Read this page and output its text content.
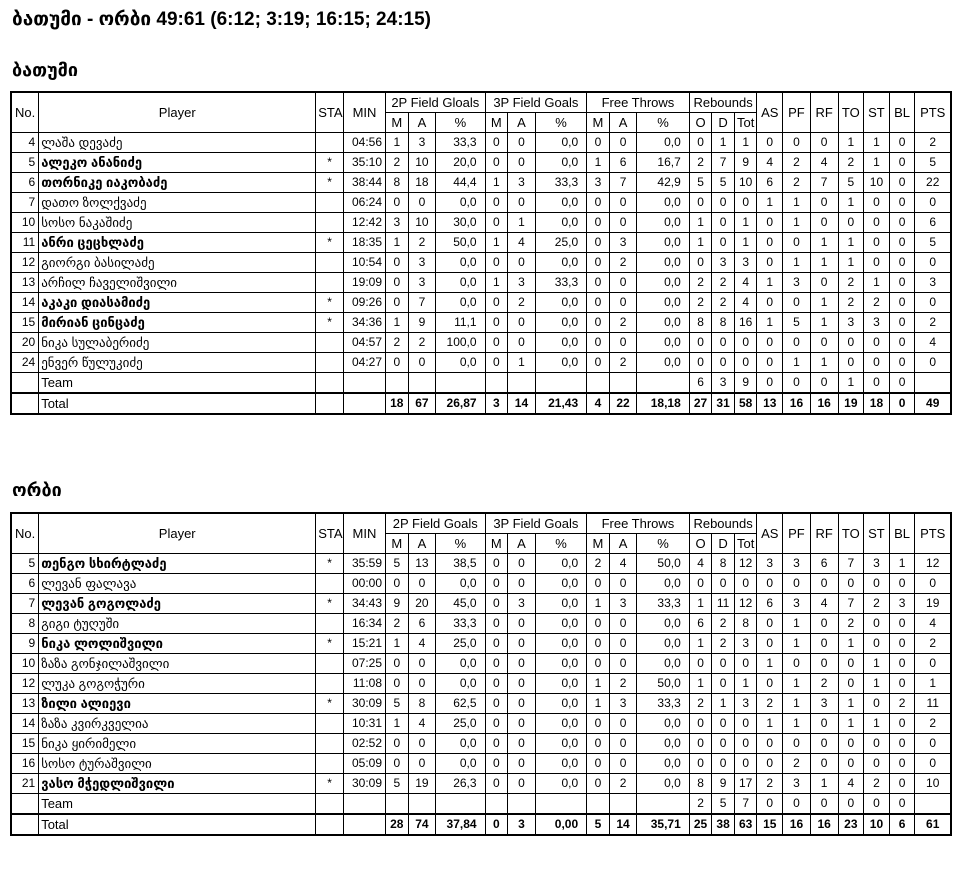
ბათუმი - ორბი 49:61 (6:12; 3:19; 16:15; 24:15)
ბათუმი
No.	Player	STA	MIN	2P Field Gloals			3P Field Goals			Free Throws			Rebounds			AS	PF	RF	TO	ST	BL	PTS
				M	A	%	M	A	%	M	A	%	O	D	Tot							
4	ლაშა დევაძე		04:56	1	3	33,3	0	0	0,0	0	0	0,0	0	1	1	0	0	0	1	1	0	2
5	ალეკო ანანიძე	*	35:10	2	10	20,0	0	0	0,0	1	6	16,7	2	7	9	4	2	4	2	1	0	5
6	თორნიკე იაკობაძე	*	38:44	8	18	44,4	1	3	33,3	3	7	42,9	5	5	10	6	2	7	5	10	0	22
7	დათო ზოლქვაძე		06:24	0	0	0,0	0	0	0,0	0	0	0,0	0	0	0	1	1	0	1	0	0	0
10	სოსო ნაკაშიძე		12:42	3	10	30,0	0	1	0,0	0	0	0,0	1	0	1	0	1	0	0	0	0	6
11	ანრი ცეცხლაძე	*	18:35	1	2	50,0	1	4	25,0	0	3	0,0	1	0	1	0	0	1	1	0	0	5
12	გიორგი ბასილაძე		10:54	0	3	0,0	0	0	0,0	0	2	0,0	0	3	3	0	1	1	1	0	0	0
13	არჩილ ჩაველიშვილი		19:09	0	3	0,0	1	3	33,3	0	0	0,0	2	2	4	1	3	0	2	1	0	3
14	აკაკი დიასამიძე	*	09:26	0	7	0,0	0	2	0,0	0	0	0,0	2	2	4	0	0	1	2	2	0	0
15	მირიან ცინცაძე	*	34:36	1	9	11,1	0	0	0,0	0	2	0,0	8	8	16	1	5	1	3	3	0	2
20	ნიკა სულაბერიძე		04:57	2	2	100,0	0	0	0,0	0	0	0,0	0	0	0	0	0	0	0	0	0	4
24	ენვერ წულუკიძე		04:27	0	0	0,0	0	1	0,0	0	2	0,0	0	0	0	0	1	1	0	0	0	0
	Team												6	3	9	0	0	0	1	0	0	
	Total			18	67	26,87	3	14	21,43	4	22	18,18	27	31	58	13	16	16	19	18	0	49
ორბი
No.	Player	STA	MIN	2P Field Goals			3P Field Goals			Free Throws			Rebounds			AS	PF	RF	TO	ST	BL	PTS
				M	A	%	M	A	%	M	A	%	O	D	Tot							
5	თენგო სხირტლაძე	*	35:59	5	13	38,5	0	0	0,0	2	4	50,0	4	8	12	3	3	6	7	3	1	12
6	ლევან ფალავა		00:00	0	0	0,0	0	0	0,0	0	0	0,0	0	0	0	0	0	0	0	0	0	0
7	ლევან გოგოლაძე	*	34:43	9	20	45,0	0	3	0,0	1	3	33,3	1	11	12	6	3	4	7	2	3	19
8	გიგი ტუღუში		16:34	2	6	33,3	0	0	0,0	0	0	0,0	6	2	8	0	1	0	2	0	0	4
9	ნიკა ლოლიშვილი	*	15:21	1	4	25,0	0	0	0,0	0	0	0,0	1	2	3	0	1	0	1	0	0	2
10	ზაზა გონჯილაშვილი		07:25	0	0	0,0	0	0	0,0	0	0	0,0	0	0	0	1	0	0	0	1	0	0
12	ლუკა გოგოჭური		11:08	0	0	0,0	0	0	0,0	1	2	50,0	1	0	1	0	1	2	0	1	0	1
13	ზილი ალიევი	*	30:09	5	8	62,5	0	0	0,0	1	3	33,3	2	1	3	2	1	3	1	0	2	11
14	ზაზა კვირკველია		10:31	1	4	25,0	0	0	0,0	0	0	0,0	0	0	0	1	1	0	1	1	0	2
15	ნიკა ყირიმელი		02:52	0	0	0,0	0	0	0,0	0	0	0,0	0	0	0	0	0	0	0	0	0	0
16	სოსო ტურაშვილი		05:09	0	0	0,0	0	0	0,0	0	0	0,0	0	0	0	0	2	0	0	0	0	0
21	ვასო მჭედლიშვილი	*	30:09	5	19	26,3	0	0	0,0	0	2	0,0	8	9	17	2	3	1	4	2	0	10
	Team												2	5	7	0	0	0	0	0	0	
	Total			28	74	37,84	0	3	0,00	5	14	35,71	25	38	63	15	16	16	23	10	6	61
